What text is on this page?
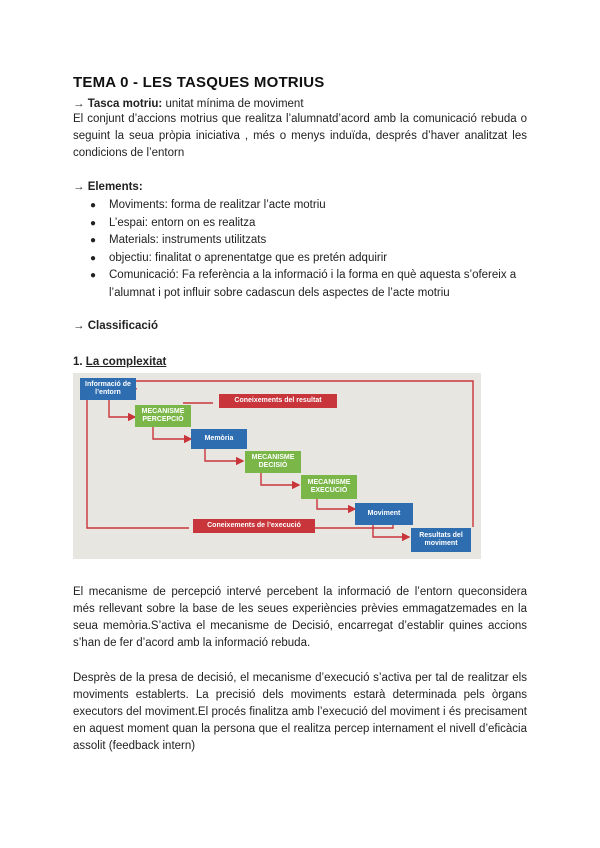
TEMA 0 - LES TASQUES MOTRIUS
→ Tasca motriu: unitat mínima de moviment
El conjunt d’accions motrius que realitza l’alumnatd’acord amb la comunicació rebuda o seguint la seua pròpia iniciativa , més o menys induïda, després d’haver analitzat les condicions de l’entorn
→ Elements:
● Moviments: forma de realitzar l’acte motriu
● L’espai: entorn on es realitza
● Materials: instruments utilitzats
● objectiu: finalitat o aprenentatge que es pretén adquirir
● Comunicació: Fa referència a la informació i la forma en què aquesta s’ofereix a l’alumnat i pot influir sobre cadascun dels aspectes de l’acte motriu
→ Classificació
1. La complexitat
Informació de l’entorn
MECANISME PERCEPCIÓ
Memòria
MECANISME DECISIÓ
MECANISME EXECUCIÓ
Moviment
Resultats del moviment
Coneixements del resultat
Coneixements de l’execució
El mecanisme de percepció intervé percebent la informació de l’entorn queconsidera més rellevant sobre la base de les seues experiències prèvies emmagatzemades en la seua memòria.S’activa el mecanisme de Decisió, encarregat d’establir quines accions s’han de fer d’acord amb la informació rebuda.
Desprès de la presa de decisió, el mecanisme d’execució s’activa per tal de realitzar els moviments establerts. La precisió dels moviments estarà determinada pels òrgans executors del moviment.El procés finalitza amb l’execució del moviment i és precisament en aquest moment quan la persona que el realitza percep internament el nivell d’eficàcia assolit (feedback intern)
